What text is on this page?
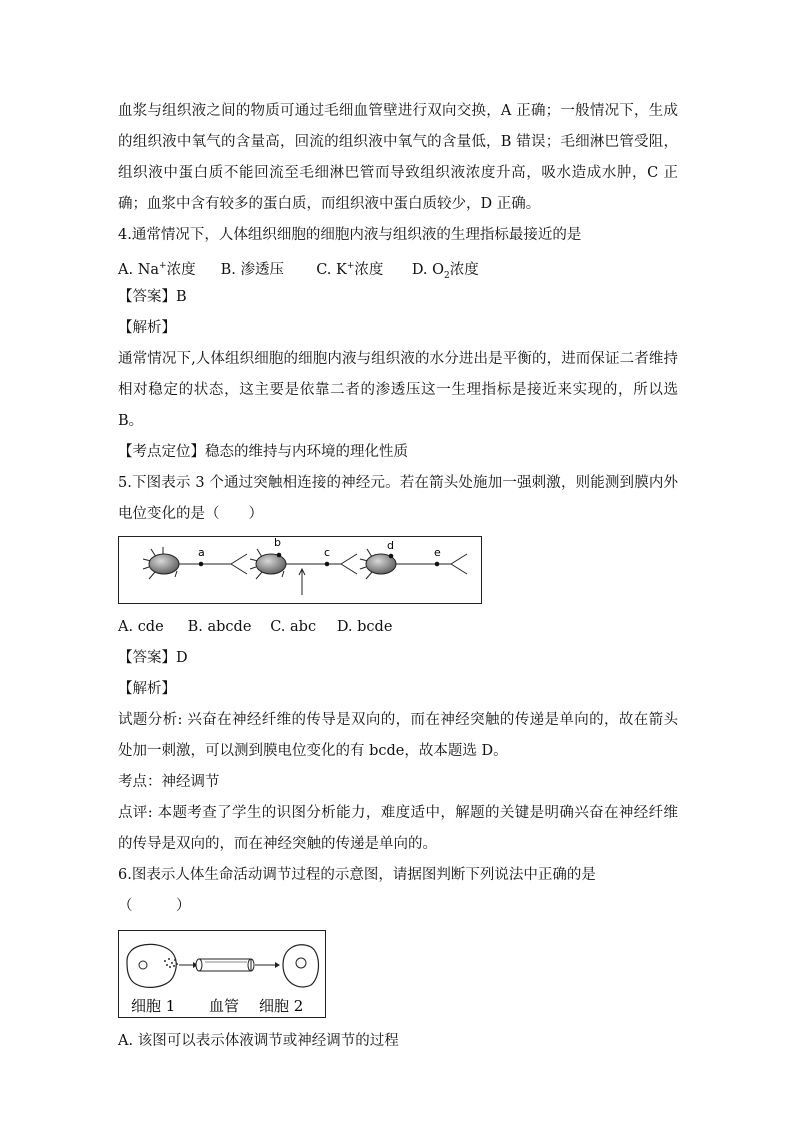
血浆与组织液之间的物质可通过毛细血管壁进行双向交换，A 正确；一般情况下，生成的组织液中氧气的含量高，回流的组织液中氧气的含量低，B 错误；毛细淋巴管受阻，组织液中蛋白质不能回流至毛细淋巴管而导致组织液浓度升高，吸水造成水肿，C 正确；血浆中含有较多的蛋白质，而组织液中蛋白质较少，D 正确。

4.通常情况下，人体组织细胞的细胞内液与组织液的生理指标最接近的是
A. Na+浓度 B. 渗透压 C. K+浓度 D. $O_2$浓度
【答案】B
【解析】

通常情况下,人体组织细胞的细胞内液与组织液的水分进出是平衡的，进而保证二者维持相对稳定的状态，这主要是依靠二者的渗透压这一生理指标是接近来实现的，所以选 B。

【考点定位】稳态的维持与内环境的理化性质

5.下图表示 3 个通过突触相连接的神经元。若在箭头处施加一强刺激，则能测到膜内外电位变化的是（　　）

a
b
c
d
e
A. cde B. abcde C. abc D. bcde
【答案】D
【解析】

试题分析: 兴奋在神经纤维的传导是双向的，而在神经突触的传递是单向的，故在箭头处加一刺激，可以测到膜电位变化的有 bcde，故本题选 D。

考点：神经调节

点评: 本题考查了学生的识图分析能力，难度适中，解题的关键是明确兴奋在神经纤维的传导是双向的，而在神经突触的传递是单向的。

6.图表示人体生命活动调节过程的示意图，请据图判断下列说法中正确的是
（　　　）
细胞 1 血管 细胞 2
A. 该图可以表示体液调节或神经调节的过程
